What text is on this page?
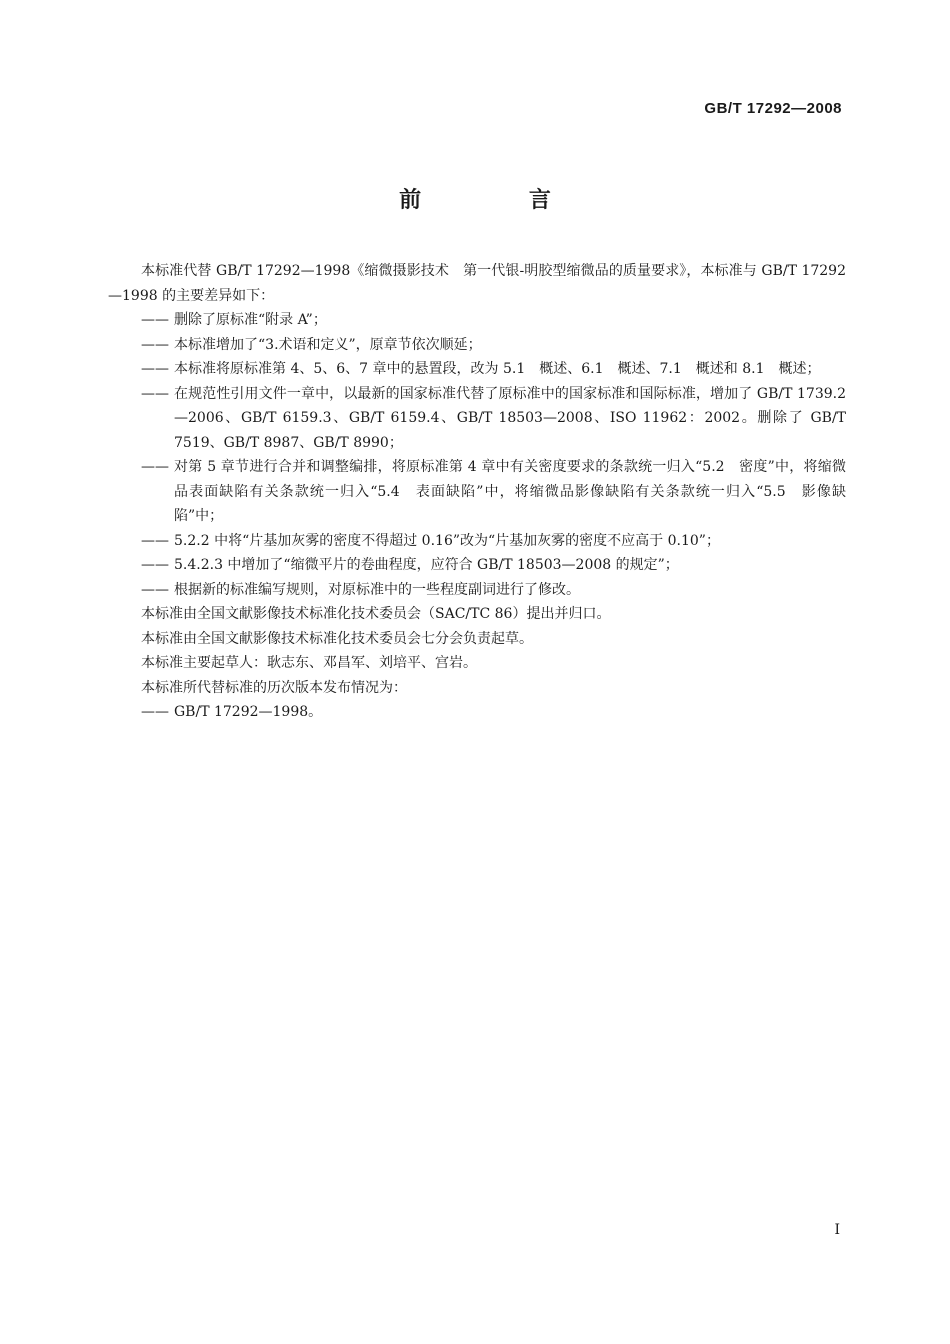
GB/T 17292—2008
前 言

本标准代替 GB/T 17292—1998《缩微摄影技术　第一代银-明胶型缩微品的质量要求》，本标准与 GB/T 17292—1998 的主要差异如下：

—— 删除了原标准“附录 A”；
—— 本标准增加了“3.术语和定义”，原章节依次顺延；
—— 本标准将原标准第 4、5、6、7 章中的悬置段，改为 5.1　概述、6.1　概述、7.1　概述和 8.1　概述；
—— 在规范性引用文件一章中，以最新的国家标准代替了原标准中的国家标准和国际标准，增加了 GB/T 1739.2—2006、GB/T 6159.3、GB/T 6159.4、GB/T 18503—2008、ISO 11962：2002。删除了 GB/T 7519、GB/T 8987、GB/T 8990；
—— 对第 5 章节进行合并和调整编排，将原标准第 4 章中有关密度要求的条款统一归入“5.2　密度”中，将缩微品表面缺陷有关条款统一归入“5.4　表面缺陷”中，将缩微品影像缺陷有关条款统一归入“5.5　影像缺陷”中；
—— 5.2.2 中将“片基加灰雾的密度不得超过 0.16”改为“片基加灰雾的密度不应高于 0.10”；
—— 5.4.2.3 中增加了“缩微平片的卷曲程度，应符合 GB/T 18503—2008 的规定”；
—— 根据新的标准编写规则，对原标准中的一些程度副词进行了修改。

本标准由全国文献影像技术标准化技术委员会（SAC/TC 86）提出并归口。

本标准由全国文献影像技术标准化技术委员会七分会负责起草。

本标准主要起草人：耿志东、邓昌军、刘培平、宫岩。

本标准所代替标准的历次版本发布情况为：

—— GB/T 17292—1998。
I
